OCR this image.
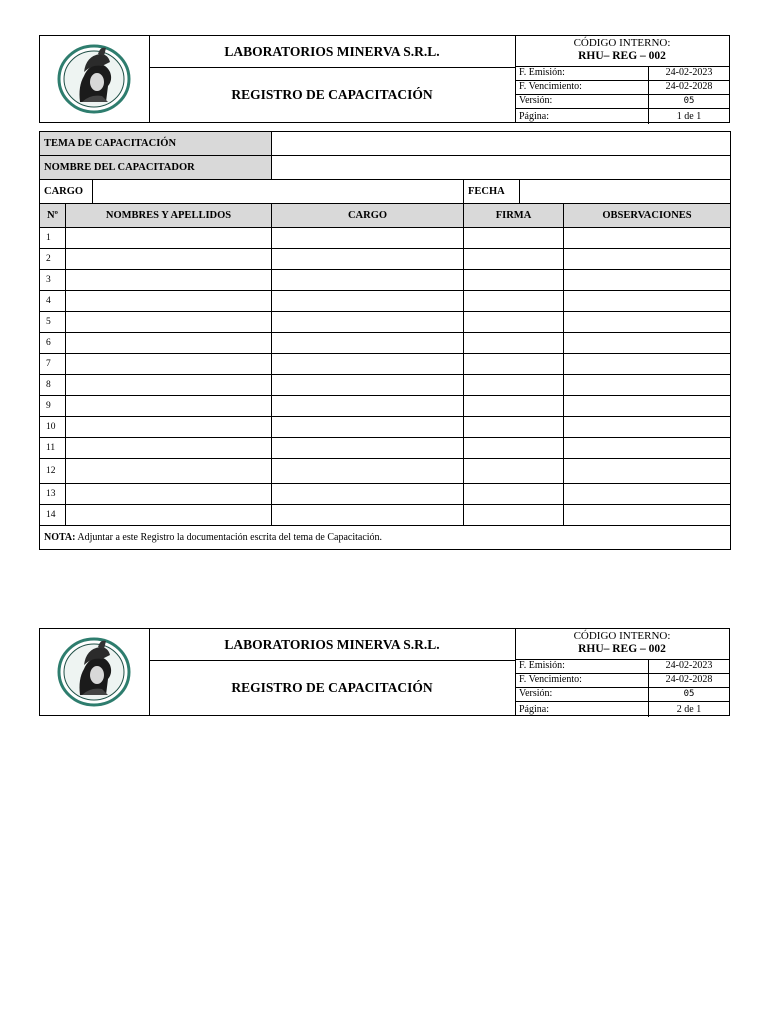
LABORATORIOS MINERVA S.R.L.
REGISTRO DE CAPACITACIÓN
CÓDIGO INTERNO:
RHU– REG – 002
F. Emisión:	24-02-2023
F. Vencimiento:	24-02-2028
Versión:	05
Página:	1 de 1
TEMA DE CAPACITACIÓN						
NOMBRE DEL CAPACITADOR						
CARGO				FECHA		
Nº	NOMBRES Y APELLIDOS		CARGO	FIRMA		OBSERVACIONES
1						
2						
3						
4						
5						
6						
7						
8						
9						
10						
11						
12						
13						
14						
NOTA: Adjuntar a este Registro la documentación escrita del tema de Capacitación.						
LABORATORIOS MINERVA S.R.L.
REGISTRO DE CAPACITACIÓN
CÓDIGO INTERNO:
RHU– REG – 002
F. Emisión:	24-02-2023
F. Vencimiento:	24-02-2028
Versión:	05
Página:	2 de 1
